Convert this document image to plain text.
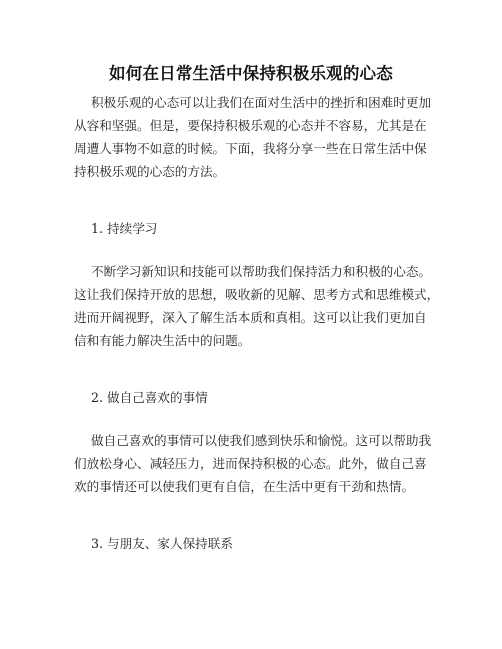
如何在日常生活中保持积极乐观的心态
积极乐观的心态可以让我们在面对生活中的挫折和困难时更加
从容和坚强。但是，要保持积极乐观的心态并不容易，尤其是在
周遭人事物不如意的时候。下面，我将分享一些在日常生活中保
持积极乐观的心态的方法。
1. 持续学习
不断学习新知识和技能可以帮助我们保持活力和积极的心态。
这让我们保持开放的思想，吸收新的见解、思考方式和思维模式，
进而开阔视野，深入了解生活本质和真相。这可以让我们更加自
信和有能力解决生活中的问题。
2. 做自己喜欢的事情
做自己喜欢的事情可以使我们感到快乐和愉悦。这可以帮助我
们放松身心、减轻压力，进而保持积极的心态。此外，做自己喜
欢的事情还可以使我们更有自信，在生活中更有干劲和热情。
3. 与朋友、家人保持联系
